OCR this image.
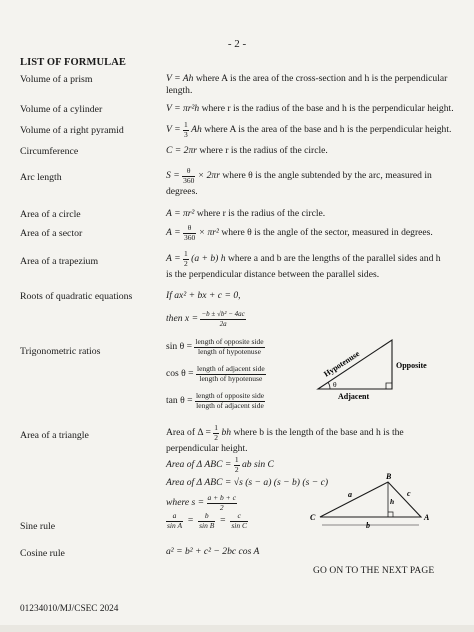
- 2 -
LIST OF FORMULAE
Volume of a prism	V = Ah where A is the area of the cross-section and h is the perpendicular length.
Volume of a cylinder	V = πr²h where r is the radius of the base and h is the perpendicular height.
Volume of a right pyramid	$V = \frac{1}{3}$ Ah where A is the area of the base and h is the perpendicular height.
Circumference	C = 2πr where r is the radius of the circle.
Arc length	$S = \frac{\theta}{360} \times 2\pi r$ where θ is the angle subtended by the arc, measured in degrees.
Area of a circle	A = πr² where r is the radius of the circle.
Area of a sector	$A = \frac{\theta}{360} \times \pi r^2$ where θ is the angle of the sector, measured in degrees.
Area of a trapezium	$A = \frac{1}{2} (a + b)$ h where a and b are the lengths of the parallel sides and h is the perpendicular distance between the parallel sides.
Roots of quadratic equations	If ax² + bx + c = 0,
then $x = \frac{\text{−b ± √b² − 4ac}}{2a}$
Trigonometric ratios	$\sin \theta = \frac{\text{length of opposite side}}{\text{length of hypotenuse}}$
$\cos \theta = \frac{\text{length of adjacent side}}{\text{length of hypotenuse}}$
$\tan \theta = \frac{\text{length of opposite side}}{\text{length of adjacent side}}$
θ
Hypotenuse	Opposite
Adjacent
Area of a triangle	Area of $\Delta = \frac{1}{2}$ bh where b is the length of the base and h is the perpendicular height.
Area of Δ ABC = $\frac{1}{2}$ ab sin C
Area of Δ ABC = √s (s − a) (s − b) (s − c)
where $s = \frac{a + b + c}{2}$
Sine rule	$\frac{a}{\text{sin A}} = \frac{b}{\text{sin B}} = \frac{c}{\text{sin C}}$
B
C	A
a	c
h
b
Cosine rule	a² = b² + c² − 2bc cos A
GO ON TO THE NEXT PAGE
01234010/MJ/CSEC 2024
